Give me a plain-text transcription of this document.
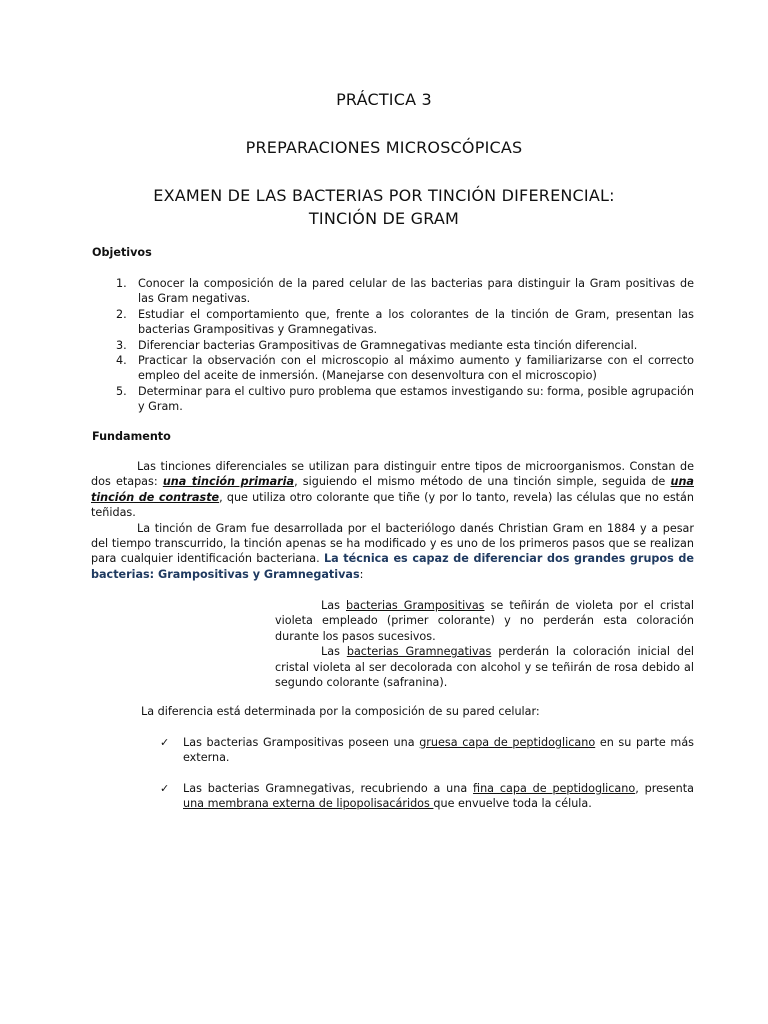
PRÁCTICA 3
PREPARACIONES MICROSCÓPICAS
EXAMEN DE LAS BACTERIAS POR TINCIÓN DIFERENCIAL:
TINCIÓN DE GRAM
Objetivos
1. Conocer la composición de la pared celular de las bacterias para distinguir la Gram positivas de las Gram negativas.
2. Estudiar el comportamiento que, frente a los colorantes de la tinción de Gram, presentan las bacterias Grampositivas y Gramnegativas.
3. Diferenciar bacterias Grampositivas de Gramnegativas mediante esta tinción diferencial.
4. Practicar la observación con el microscopio al máximo aumento y familiarizarse con el correcto empleo del aceite de inmersión. (Manejarse con desenvoltura con el microscopio)
5. Determinar para el cultivo puro problema que estamos investigando su: forma, posible agrupación y Gram.
Fundamento

Las tinciones diferenciales se utilizan para distinguir entre tipos de microorganismos. Constan de dos etapas: una tinción primaria, siguiendo el mismo método de una tinción simple, seguida de una tinción de contraste, que utiliza otro colorante que tiñe (y por lo tanto, revela) las células que no están teñidas.

La tinción de Gram fue desarrollada por el bacteriólogo danés Christian Gram en 1884 y a pesar del tiempo transcurrido, la tinción apenas se ha modificado y es uno de los primeros pasos que se realizan para cualquier identificación bacteriana. La técnica es capaz de diferenciar dos grandes grupos de bacterias: Grampositivas y Gramnegativas:

Las bacterias Grampositivas se teñirán de violeta por el cristal violeta empleado (primer colorante) y no perderán esta coloración durante los pasos sucesivos.

Las bacterias Gramnegativas perderán la coloración inicial del cristal violeta al ser decolorada con alcohol y se teñirán de rosa debido al segundo colorante (safranina).

La diferencia está determinada por la composición de su pared celular:
✓ Las bacterias Grampositivas poseen una gruesa capa de peptidoglicano en su parte más externa.
✓ Las bacterias Gramnegativas, recubriendo a una fina capa de peptidoglicano, presenta una membrana externa de lipopolisacáridos que envuelve toda la célula.
